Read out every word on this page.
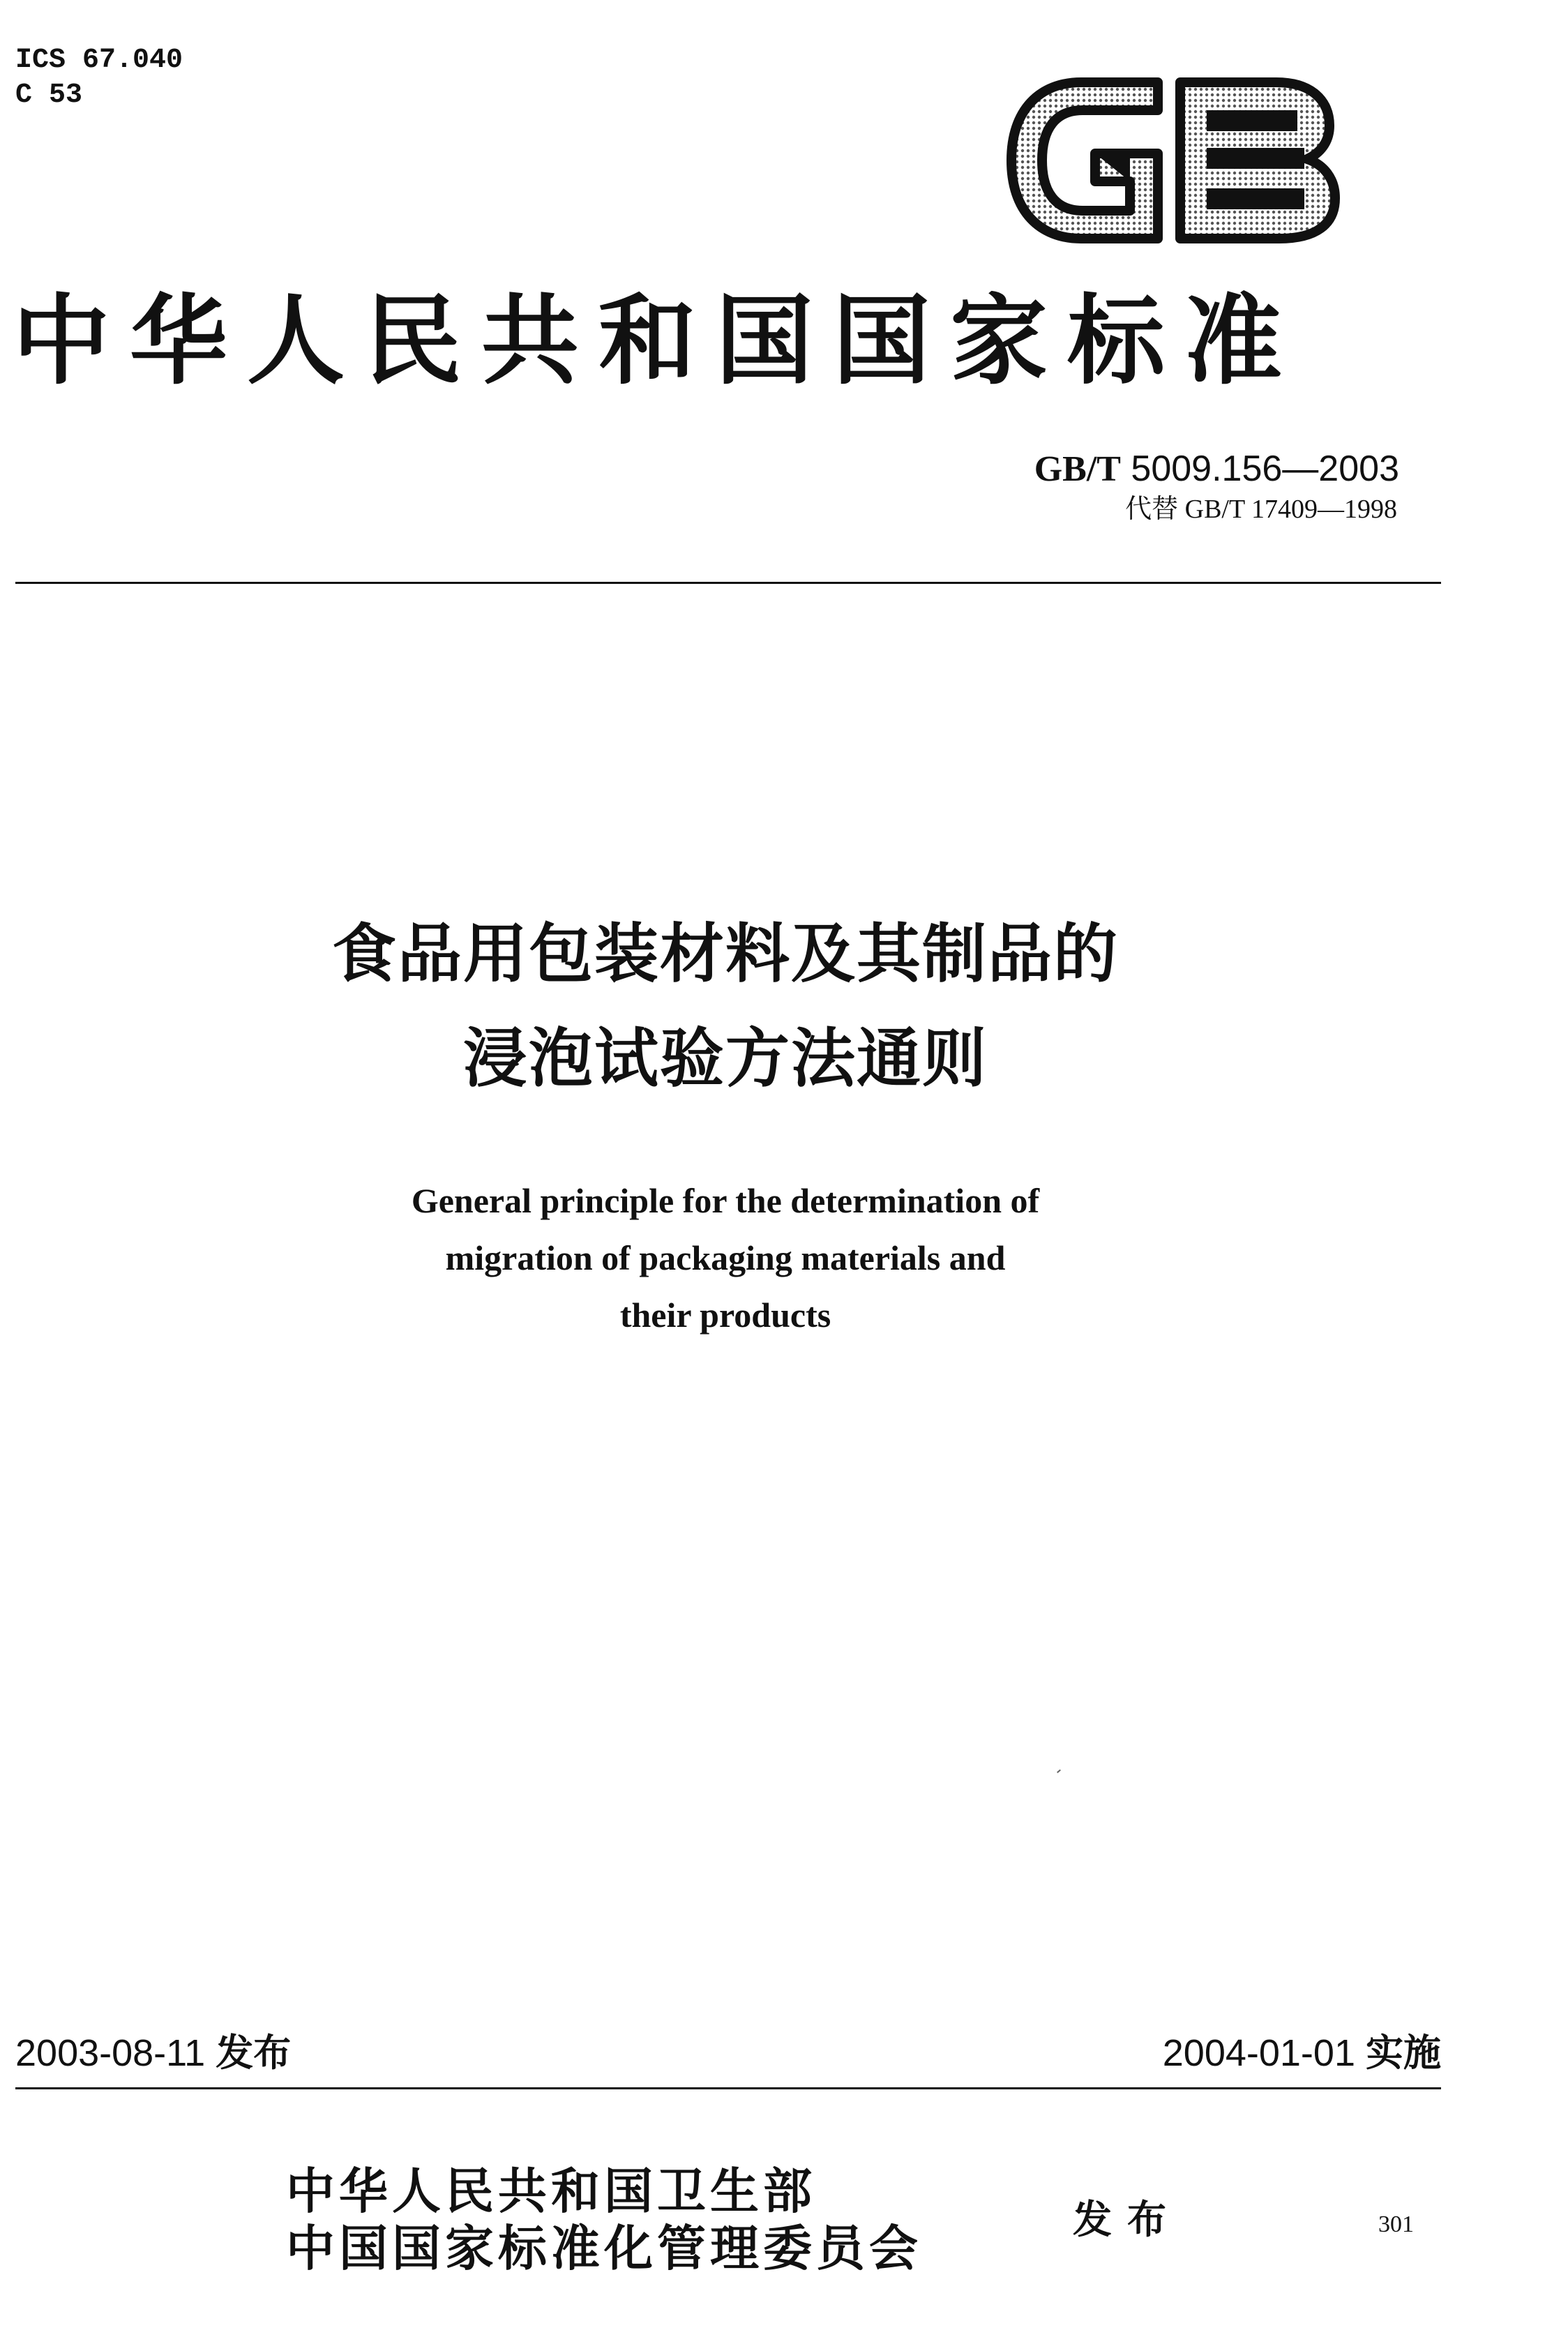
ICS 67.040
C 53
中华人民共和国国家标准
GB/T 5009.156—2003
代替 GB/T 17409—1998
食品用包装材料及其制品的
浸泡试验方法通则
General principle for the determination of
migration of packaging materials and
their products
2003-08-11 发布	2004-01-01 实施
中华人民共和国卫生部
中国国家标准化管理委员会	发布	301
